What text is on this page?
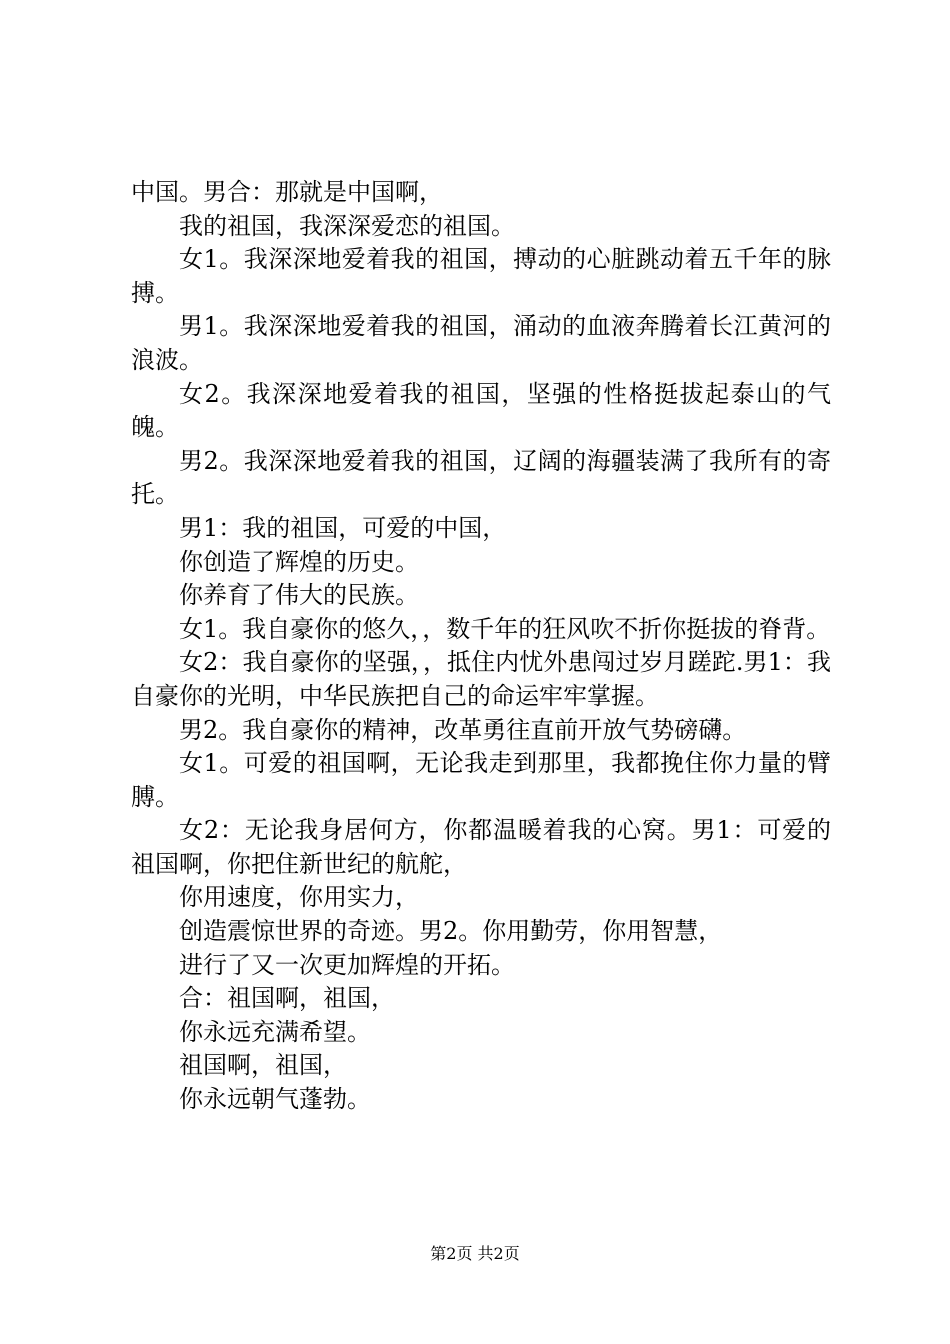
中国。男合：那就是中国啊，

我的祖国，我深深爱恋的祖国。

女1。我深深地爱着我的祖国，搏动的心脏跳动着五千年的脉搏。

男1。我深深地爱着我的祖国，涌动的血液奔腾着长江黄河的浪波。

女2。我深深地爱着我的祖国，坚强的性格挺拔起泰山的气魄。

男2。我深深地爱着我的祖国，辽阔的海疆装满了我所有的寄托。

男1：我的祖国，可爱的中国，

你创造了辉煌的历史。

你养育了伟大的民族。

女1。我自豪你的悠久，，数千年的狂风吹不折你挺拔的脊背。

女2：我自豪你的坚强，，抵住内忧外患闯过岁月蹉跎.男1：我自豪你的光明，中华民族把自己的命运牢牢掌握。

男2。我自豪你的精神，改革勇往直前开放气势磅礴。

女1。可爱的祖国啊，无论我走到那里，我都挽住你力量的臂膊。

女2：无论我身居何方，你都温暖着我的心窝。男1：可爱的祖国啊，你把住新世纪的航舵，

你用速度，你用实力，

创造震惊世界的奇迹。男2。你用勤劳，你用智慧，

进行了又一次更加辉煌的开拓。

合：祖国啊，祖国，

你永远充满希望。

祖国啊，祖国，

你永远朝气蓬勃。

第2页 共2页
